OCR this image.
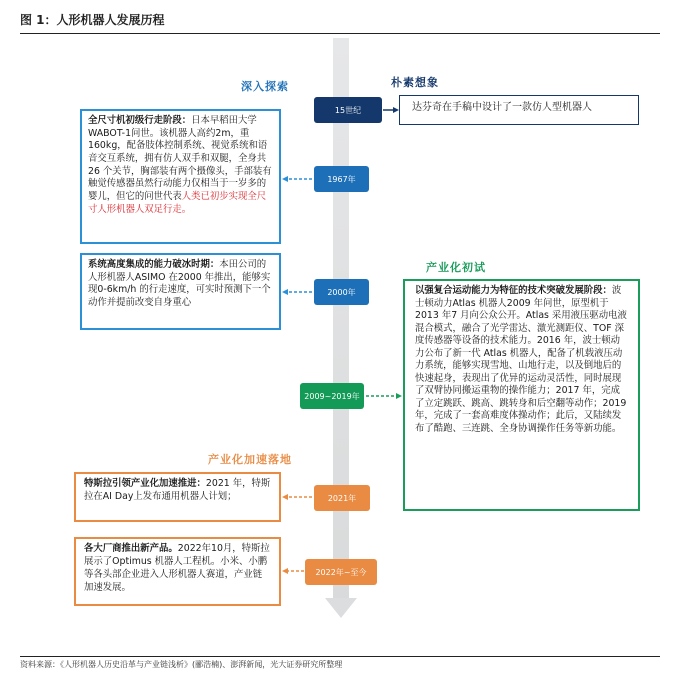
图 1：人形机器人发展历程
深入探索	朴素想象
产业化初试
产业化加速落地
15世纪
1967年
2000年
2009~2019年
2021年
2022年~至今
达芬奇在手稿中设计了一款仿人型机器人
全尺寸机初级行走阶段：日本早稻田大学WABOT-1问世。该机器人高约2m，重160kg，配备肢体控制系统、视觉系统和语音交互系统，拥有仿人双手和双腿，全身共26 个关节，胸部装有两个摄像头，手部装有触觉传感器虽然行动能力仅相当于一岁多的婴儿，但它的问世代表人类已初步实现全尺寸人形机器人双足行走。
系统高度集成的能力破冰时期：本田公司的人形机器人ASIMO 在2000 年推出，能够实现0-6km/h 的行走速度，可实时预测下一个动作并提前改变自身重心
以强复合运动能力为特征的技术突破发展阶段：波士顿动力Atlas 机器人2009 年问世，原型机于2013 年7 月向公众公开。Atlas 采用液压驱动电液混合模式，融合了光学雷达、激光测距仪、TOF 深度传感器等设备的技术能力。2016 年，波士顿动力公布了新一代 Atlas 机器人，配备了机载液压动力系统，能够实现雪地、山地行走，以及倒地后的快速起身，表现出了优异的运动灵活性，同时展现了双臂协同搬运重物的操作能力；2017 年，完成了立定跳跃、跳高、跳转身和后空翻等动作；2019 年，完成了一套高难度体操动作；此后，又陆续发布了酷跑、三连跳、全身协调操作任务等新功能。
特斯拉引领产业化加速推进：2021 年，特斯拉在AI Day上发布通用机器人计划；
各大厂商推出新产品。2022年10月，特斯拉展示了Optimus 机器人工程机。小米、小鹏等各头部企业进入人形机器人赛道，产业链加速发展。
资料来源：《人形机器人历史沿革与产业链浅析》(郦浩楠)、澎湃新闻，光大证券研究所整理
